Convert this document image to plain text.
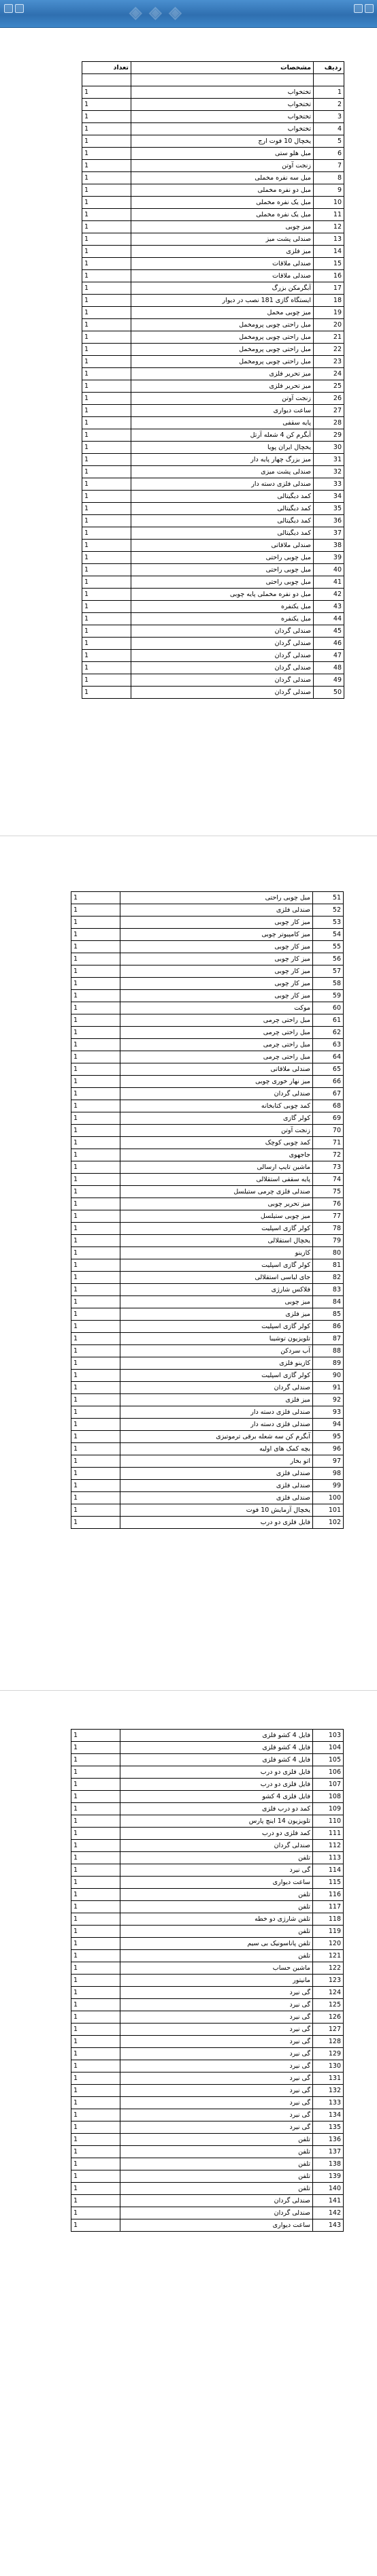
◈ ◈ ◈
ردیف	مشخصات	تعداد

1	تختخواب	1
2	تختخواب	1
3	تختخواب	1
4	تختخواب	1
5	یخچال 10 فوت ارج	1
6	مبل هلو ستی	1
7	زنجت آوتن	1
8	مبل سه نفره مخملی	1
9	مبل دو نفره مخملی	1
10	مبل یک نفره مخملی	1
11	مبل یک نفره مخملی	1
12	میز چوبی	1
13	صندلی پشت میز	1
14	میز فلزی	1
15	صندلی ملاقات	1
16	صندلی ملاقات	1
17	آبگرمکن بزرگ	1
18	ایستگاه گازی 181 نصب در دیوار	1
19	میز چوبی مخمل	1
20	مبل راحتی چوبی پرومخمل	1
21	مبل راحتی چوبی پرومخمل	1
22	مبل راحتی چوبی پرومخمل	1
23	مبل راحتی چوبی پرومخمل	1
24	میز تحریر فلزی	1
25	میز تحریر فلزی	1
26	زنجت آوتن	1
27	ساعت دیواری	1
28	پایه سقفی	1
29	آبگرم کن 4 شعله آرتل	1
30	یخچال ایران پویا	1
31	میز بزرگ چهار پایه دار	1
32	صندلی پشت میزی	1
33	صندلی فلزی دسته دار	1
34	کمد دیگیتالی	1
35	کمد دیگیتالی	1
36	کمد دیگیتالی	1
37	کمد دیگیتالی	1
38	صندلی ملاقاتی	1
39	مبل چوبی راحتی	1
40	مبل چوبی راحتی	1
41	مبل چوبی راحتی	1
42	مبل دو نفره مخملی پایه چوبی	1
43	مبل یکنفره	1
44	مبل یکنفره	1
45	صندلی گردان	1
46	صندلی گردان	1
47	صندلی گردان	1
48	صندلی گردان	1
49	صندلی گردان	1
50	صندلی گردان	1
51	مبل چوبی راحتی	1
52	صندلی فلزی	1
53	میز کار چوبی	1
54	میز کامپیوتر چوبی	1
55	میز کار چوبی	1
56	میز کار چوبی	1
57	میز کار چوبی	1
58	میز کار چوبی	1
59	میز کار چوبی	1
60	موکت	1
61	مبل راحتی چرمی	1
62	مبل راحتی چرمی	1
63	مبل راحتی چرمی	1
64	مبل راحتی چرمی	1
65	صندلی ملاقاتی	1
66	میز نهار خوری چوبی	1
67	صندلی گردان	1
68	کمد چوبی کتابخانه	1
69	کولر گازی	1
70	زنجت آوتن	1
71	کمد چوبی کوچک	1
72	جاجهوی	1
73	ماشین تایپ ارسالی	1
74	پایه سقفی استقلالی	1
75	صندلی فلزی چرمی ستیلسل	1
76	میز تحریر چوبی	1
77	میز چوبی ستیلسل	1
78	کولر گازی اسپلیت	1
79	یخچال استقلالی	1
80	کازینو	1
81	کولر گازی اسپلیت	1
82	جای لباسی استقلالی	1
83	فلاکس شارژی	1
84	میز چوبی	1
85	میز فلزی	1
86	کولر گازی اسپلیت	1
87	تلویزیون توشیبا	1
88	آب سردکن	1
89	کازینو فلزی	1
90	کولر گازی اسپلیت	1
91	صندلی گردان	1
92	میز فلزی	1
93	صندلی فلزی دسته دار	1
94	صندلی فلزی دسته دار	1
95	آبگرم کن سه شعله برقی ترموتیزی	1
96	بچه کمک های اولیه	1
97	اتو بخار	1
98	صندلی فلزی	1
99	صندلی فلزی	1
100	صندلی فلزی	1
101	یخچال آزمایش 10 فوت	1
102	فایل فلزی دو درب	1
103	فایل 4 کشو فلزی	1
104	فایل 4 کشو فلزی	1
105	فایل 4 کشو فلزی	1
106	فایل فلزی دو درب	1
107	فایل فلزی دو درب	1
108	فایل فلزی 4 کشو	1
109	کمد دو درب فلزی	1
110	تلویزیون 14 اینچ پارس	1
111	کمد فلزی دو درب	1
112	صندلی گردان	1
113	تلفن	1
114	گی نیرد	1
115	ساعت دیواری	1
116	تلفن	1
117	تلفن	1
118	تلفن شارژی دو خطه	1
119	تلفن	1
120	تلفن پاناسونیک بی سیم	1
121	تلفن	1
122	ماشین حساب	1
123	مانیتور	1
124	گی نیرد	1
125	گی نیرد	1
126	گی نیرد	1
127	گی نیرد	1
128	گی نیرد	1
129	گی نیرد	1
130	گی نیرد	1
131	گی نیرد	1
132	گی نیرد	1
133	گی نیرد	1
134	گی نیرد	1
135	گی نیرد	1
136	تلفن	1
137	تلفن	1
138	تلفن	1
139	تلفن	1
140	تلفن	1
141	صندلی گردان	1
142	صندلی گردان	1
143	ساعت دیواری	1
